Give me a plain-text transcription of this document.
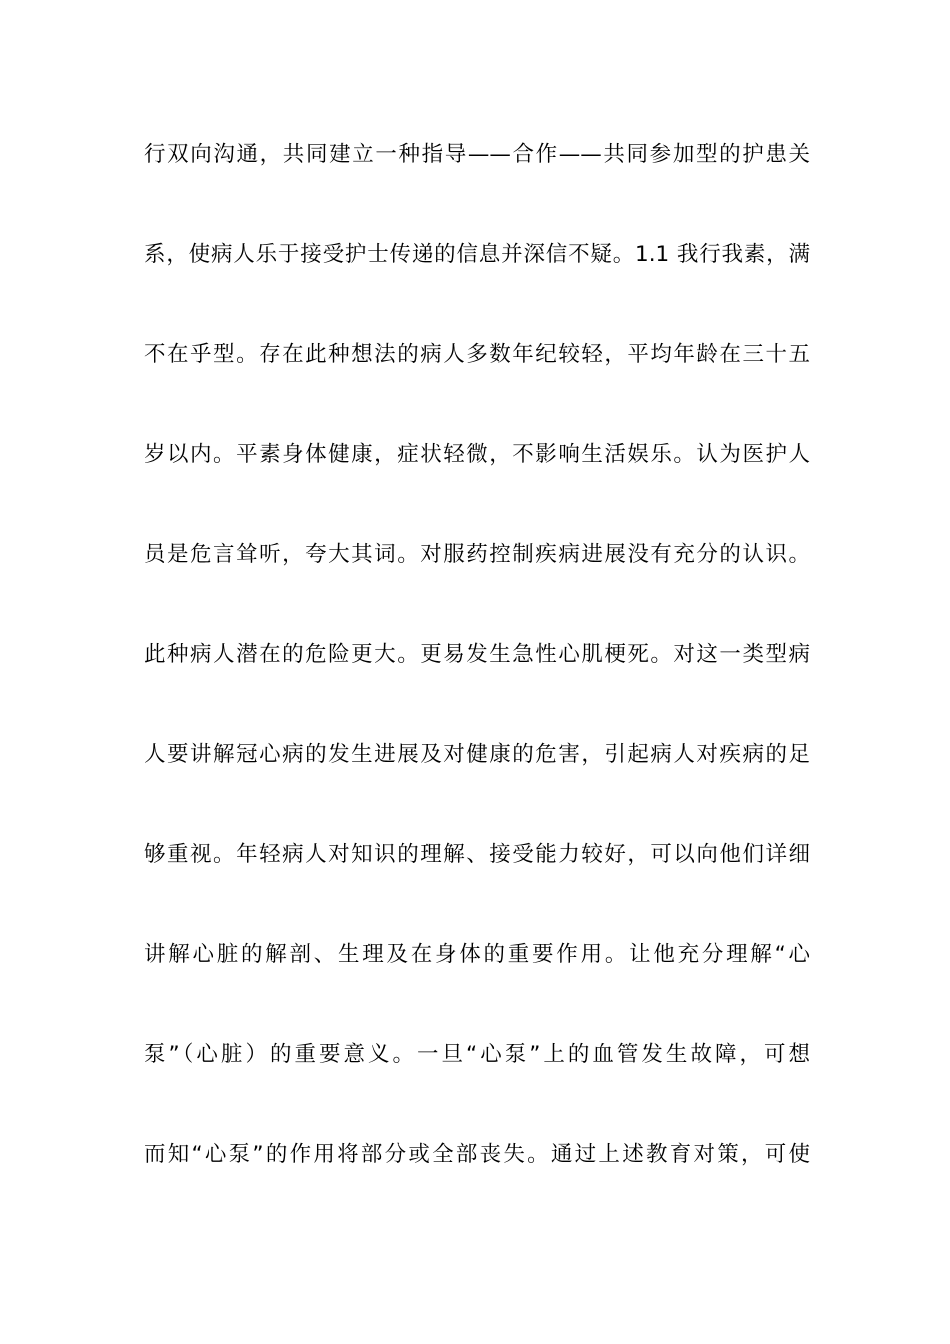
行双向沟通，共同建立一种指导——合作——共同参加型的护患关
系，使病人乐于接受护士传递的信息并深信不疑。1.1 我行我素，满
不在乎型。存在此种想法的病人多数年纪较轻，平均年龄在三十五
岁以内。平素身体健康，症状轻微，不影响生活娱乐。认为医护人
员是危言耸听，夸大其词。对服药控制疾病进展没有充分的认识。
此种病人潜在的危险更大。更易发生急性心肌梗死。对这一类型病
人要讲解冠心病的发生进展及对健康的危害，引起病人对疾病的足
够重视。年轻病人对知识的理解、接受能力较好，可以向他们详细
讲解心脏的解剖、生理及在身体的重要作用。让他充分理解“心
泵”（心脏）的重要意义。一旦“心泵”上的血管发生故障，可想
而知“心泵”的作用将部分或全部丧失。通过上述教育对策，可使
